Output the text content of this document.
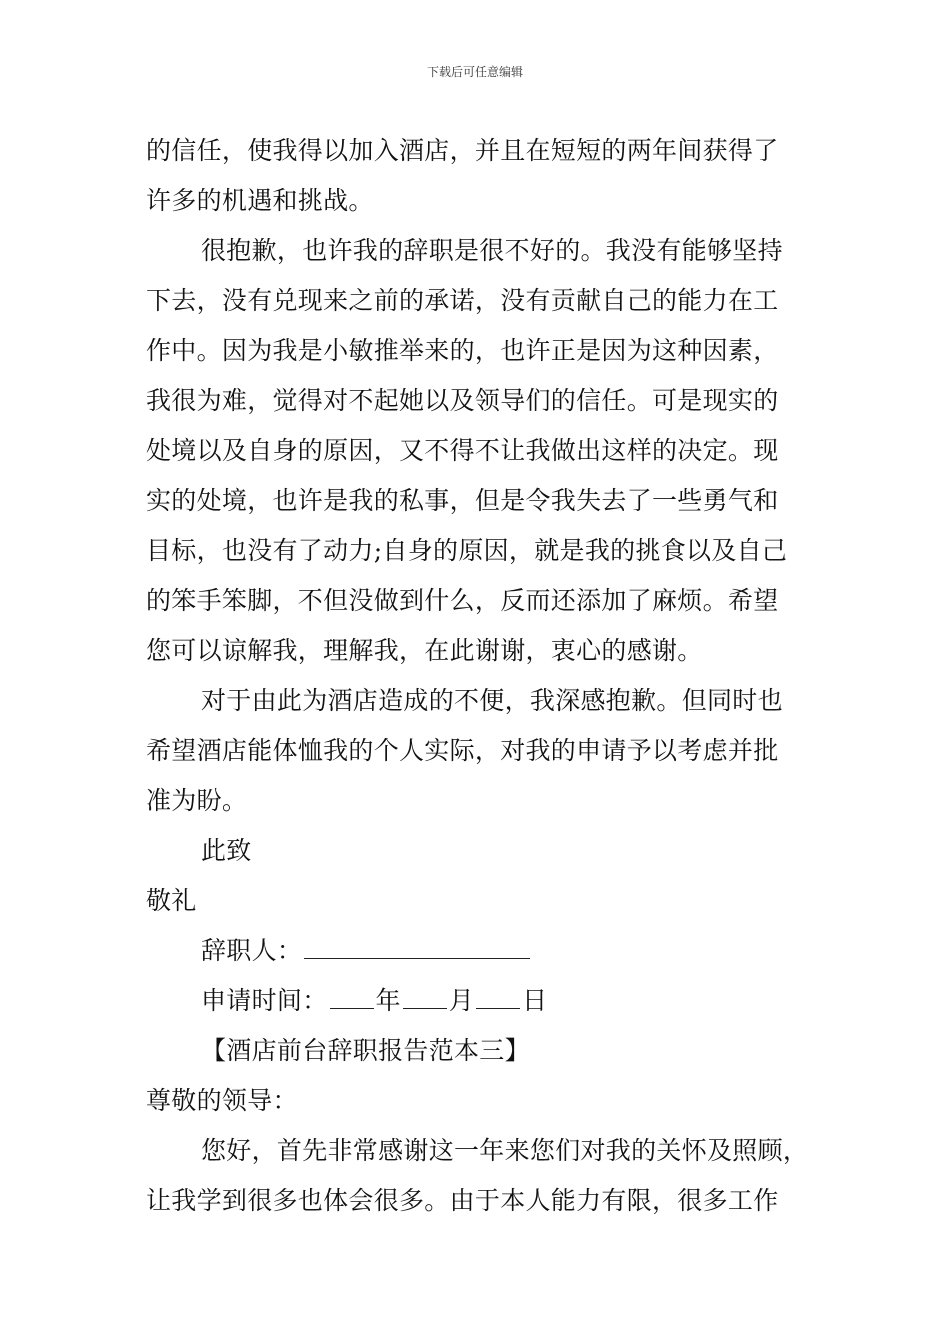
下载后可任意编辑
的信任，使我得以加入酒店，并且在短短的两年间获得了
许多的机遇和挑战。
很抱歉，也许我的辞职是很不好的。我没有能够坚持
下去，没有兑现来之前的承诺，没有贡献自己的能力在工
作中。因为我是小敏推举来的，也许正是因为这种因素，
我很为难，觉得对不起她以及领导们的信任。可是现实的
处境以及自身的原因，又不得不让我做出这样的决定。现
实的处境，也许是我的私事，但是令我失去了一些勇气和
目标，也没有了动力;自身的原因，就是我的挑食以及自己
的笨手笨脚，不但没做到什么，反而还添加了麻烦。希望
您可以谅解我，理解我，在此谢谢，衷心的感谢。
对于由此为酒店造成的不便，我深感抱歉。但同时也
希望酒店能体恤我的个人实际，对我的申请予以考虑并批
准为盼。
此致
敬礼
辞职人：
申请时间： 年 月 日
【酒店前台辞职报告范本三】
尊敬的领导：
您好，首先非常感谢这一年来您们对我的关怀及照顾，
让我学到很多也体会很多。由于本人能力有限，很多工作
